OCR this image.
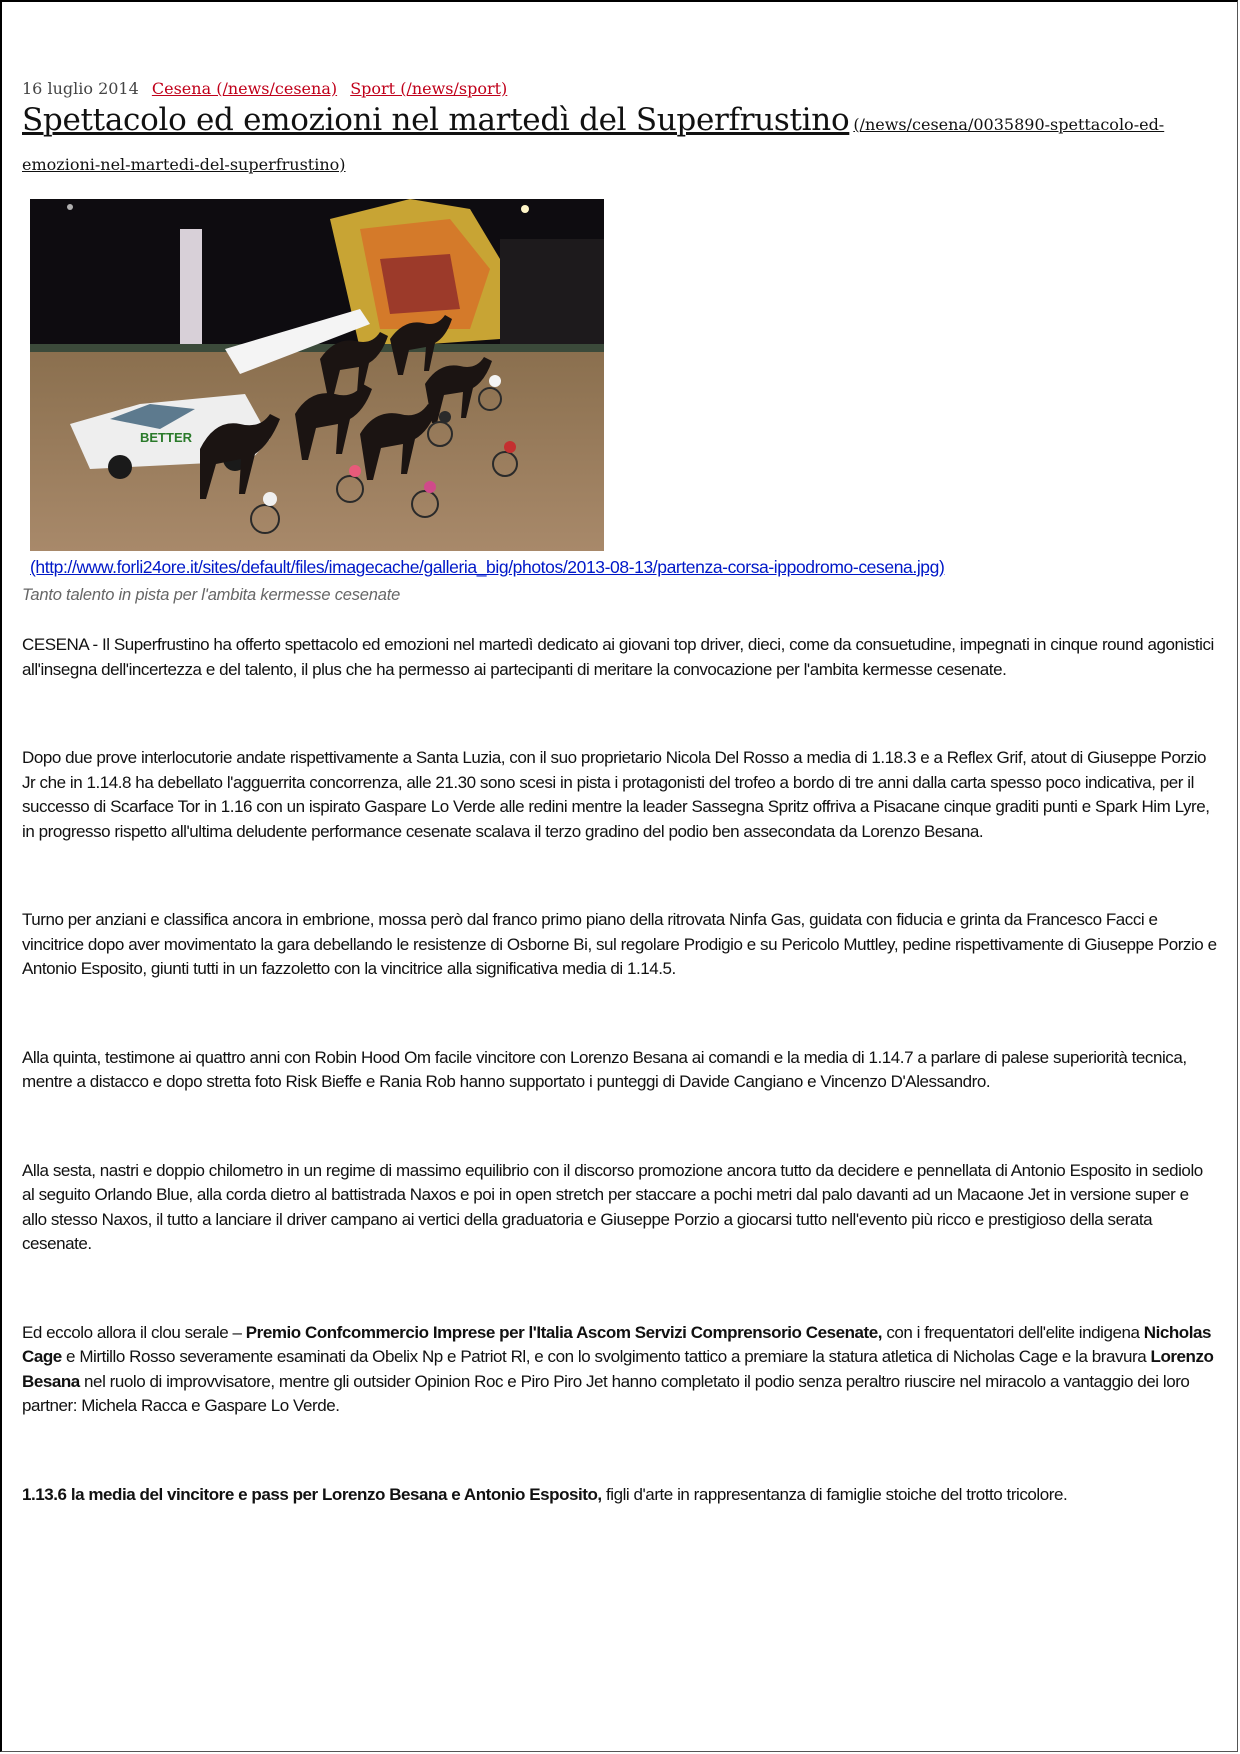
16 luglio 2014 Cesena (/news/cesena) Sport (/news/sport)
Spettacolo ed emozioni nel martedì del Superfrustino (/news/cesena/0035890-spettacolo-ed-emozioni-nel-martedi-del-superfrustino)
BETTER
(http://www.forli24ore.it/sites/default/files/imagecache/galleria_big/photos/2013-08-13/partenza-corsa-ippodromo-cesena.jpg)
Tanto talento in pista per l'ambita kermesse cesenate

CESENA - Il Superfrustino ha offerto spettacolo ed emozioni nel martedì dedicato ai giovani top driver, dieci, come da consuetudine, impegnati in cinque round agonistici all'insegna dell'incertezza e del talento, il plus che ha permesso ai partecipanti di meritare la convocazione per l'ambita kermesse cesenate.

Dopo due prove interlocutorie andate rispettivamente a Santa Luzia, con il suo proprietario Nicola Del Rosso a media di 1.18.3 e a Reflex Grif, atout di Giuseppe Porzio Jr che in 1.14.8 ha debellato l'agguerrita concorrenza, alle 21.30 sono scesi in pista i protagonisti del trofeo a bordo di tre anni dalla carta spesso poco indicativa, per il successo di Scarface Tor in 1.16 con un ispirato Gaspare Lo Verde alle redini mentre la leader Sassegna Spritz offriva a Pisacane cinque graditi punti e Spark Him Lyre, in progresso rispetto all'ultima deludente performance cesenate scalava il terzo gradino del podio ben assecondata da Lorenzo Besana.

Turno per anziani e classifica ancora in embrione, mossa però dal franco primo piano della ritrovata Ninfa Gas, guidata con fiducia e grinta da Francesco Facci e vincitrice dopo aver movimentato la gara debellando le resistenze di Osborne Bi, sul regolare Prodigio e su Pericolo Muttley, pedine rispettivamente di Giuseppe Porzio e Antonio Esposito, giunti tutti in un fazzoletto con la vincitrice alla significativa media di 1.14.5.

Alla quinta, testimone ai quattro anni con Robin Hood Om facile vincitore con Lorenzo Besana ai comandi e la media di 1.14.7 a parlare di palese superiorità tecnica, mentre a distacco e dopo stretta foto Risk Bieffe e Rania Rob hanno supportato i punteggi di Davide Cangiano e Vincenzo D'Alessandro.

Alla sesta, nastri e doppio chilometro in un regime di massimo equilibrio con il discorso promozione ancora tutto da decidere e pennellata di Antonio Esposito in sediolo al seguito Orlando Blue, alla corda dietro al battistrada Naxos e poi in open stretch per staccare a pochi metri dal palo davanti ad un Macaone Jet in versione super e allo stesso Naxos, il tutto a lanciare il driver campano ai vertici della graduatoria e Giuseppe Porzio a giocarsi tutto nell'evento più ricco e prestigioso della serata cesenate.

Ed eccolo allora il clou serale – Premio Confcommercio Imprese per l'Italia Ascom Servizi Comprensorio Cesenate, con i frequentatori dell'elite indigena Nicholas Cage e Mirtillo Rosso severamente esaminati da Obelix Np e Patriot Rl, e con lo svolgimento tattico a premiare la statura atletica di Nicholas Cage e la bravura Lorenzo Besana nel ruolo di improvvisatore, mentre gli outsider Opinion Roc e Piro Piro Jet hanno completato il podio senza peraltro riuscire nel miracolo a vantaggio dei loro partner: Michela Racca e Gaspare Lo Verde.

1.13.6 la media del vincitore e pass per Lorenzo Besana e Antonio Esposito, figli d'arte in rappresentanza di famiglie stoiche del trotto tricolore.
